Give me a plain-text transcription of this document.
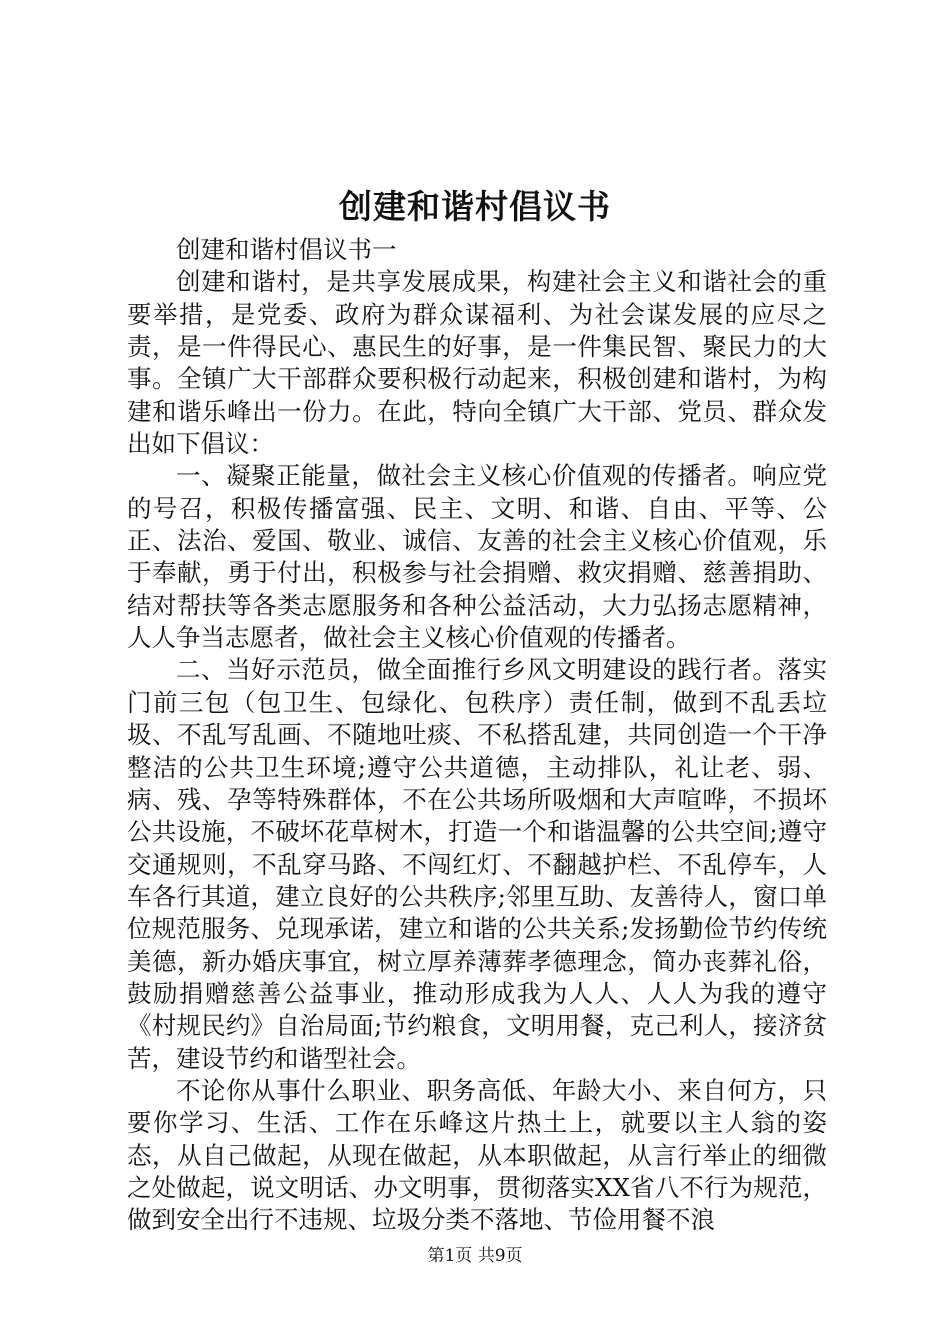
创建和谐村倡议书

创建和谐村倡议书一

创建和谐村，是共享发展成果，构建社会主义和谐社会的重要举措，是党委、政府为群众谋福利、为社会谋发展的应尽之责，是一件得民心、惠民生的好事，是一件集民智、聚民力的大事。全镇广大干部群众要积极行动起来，积极创建和谐村，为构建和谐乐峰出一份力。在此，特向全镇广大干部、党员、群众发出如下倡议：

一、凝聚正能量，做社会主义核心价值观的传播者。响应党的号召，积极传播富强、民主、文明、和谐、自由、平等、公正、法治、爱国、敬业、诚信、友善的社会主义核心价值观，乐于奉献，勇于付出，积极参与社会捐赠、救灾捐赠、慈善捐助、结对帮扶等各类志愿服务和各种公益活动，大力弘扬志愿精神，人人争当志愿者，做社会主义核心价值观的传播者。

二、当好示范员，做全面推行乡风文明建设的践行者。落实门前三包（包卫生、包绿化、包秩序）责任制，做到不乱丢垃圾、不乱写乱画、不随地吐痰、不私搭乱建，共同创造一个干净整洁的公共卫生环境;遵守公共道德，主动排队，礼让老、弱、病、残、孕等特殊群体，不在公共场所吸烟和大声喧哗，不损坏公共设施，不破坏花草树木，打造一个和谐温馨的公共空间;遵守交通规则，不乱穿马路、不闯红灯、不翻越护栏、不乱停车，人车各行其道，建立良好的公共秩序;邻里互助、友善待人，窗口单位规范服务、兑现承诺，建立和谐的公共关系;发扬勤俭节约传统美德，新办婚庆事宜，树立厚养薄葬孝德理念，简办丧葬礼俗，鼓励捐赠慈善公益事业，推动形成我为人人、人人为我的遵守《村规民约》自治局面;节约粮食，文明用餐，克己利人，接济贫苦，建设节约和谐型社会。

不论你从事什么职业、职务高低、年龄大小、来自何方，只要你学习、生活、工作在乐峰这片热土上，就要以主人翁的姿态，从自己做起，从现在做起，从本职做起，从言行举止的细微之处做起，说文明话、办文明事，贯彻落实XX省八不行为规范，做到安全出行不违规、垃圾分类不落地、节俭用餐不浪

第1页 共9页
